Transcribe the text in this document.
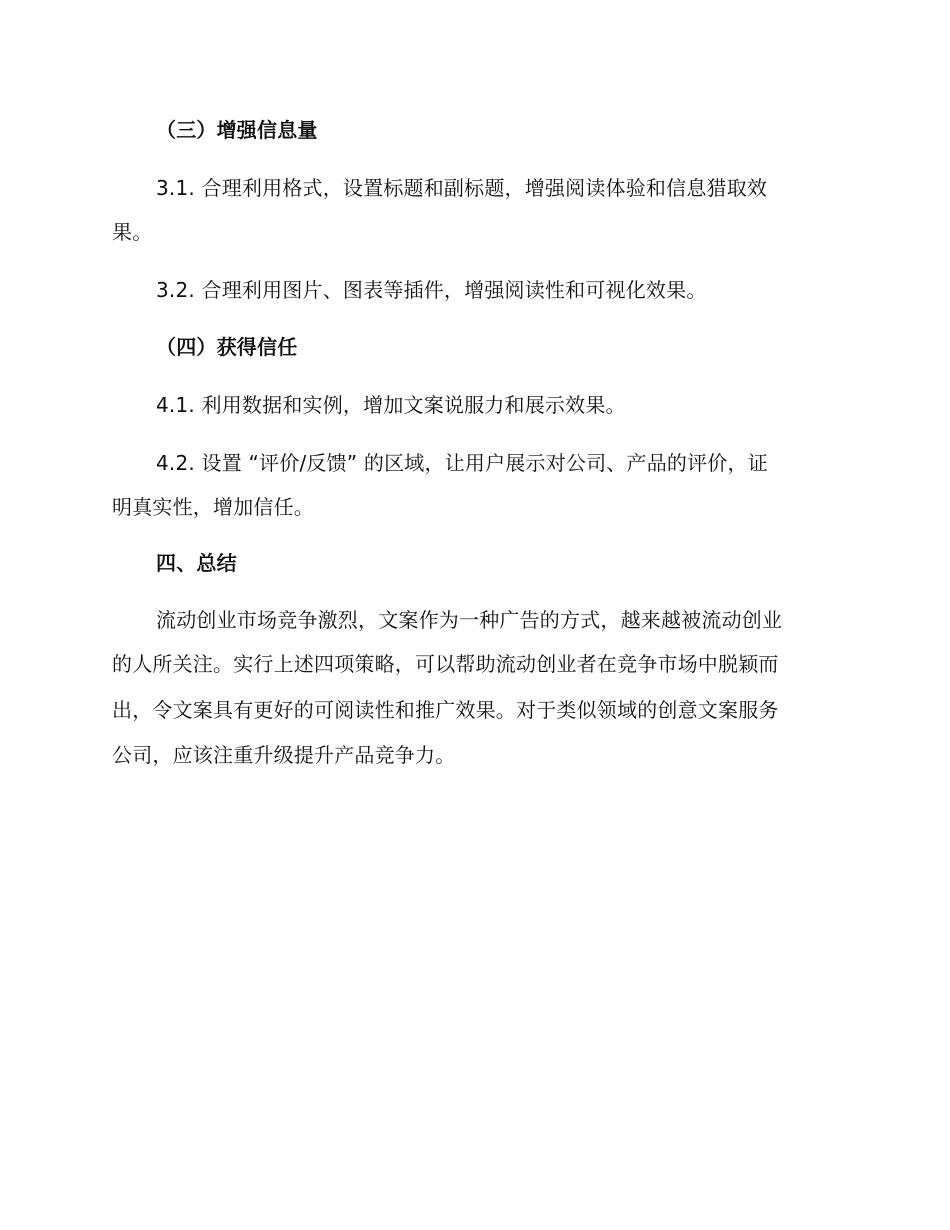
（三）增强信息量
3.1. 合理利用格式，设置标题和副标题，增强阅读体验和信息猎取效
果。
3.2. 合理利用图片、图表等插件，增强阅读性和可视化效果。
（四）获得信任
4.1. 利用数据和实例，增加文案说服力和展示效果。
4.2. 设置 “评价/反馈” 的区域，让用户展示对公司、产品的评价，证
明真实性，增加信任。
四、总结
流动创业市场竞争激烈，文案作为一种广告的方式，越来越被流动创业
的人所关注。实行上述四项策略，可以帮助流动创业者在竞争市场中脱颖而
出，令文案具有更好的可阅读性和推广效果。对于类似领域的创意文案服务
公司，应该注重升级提升产品竞争力。
